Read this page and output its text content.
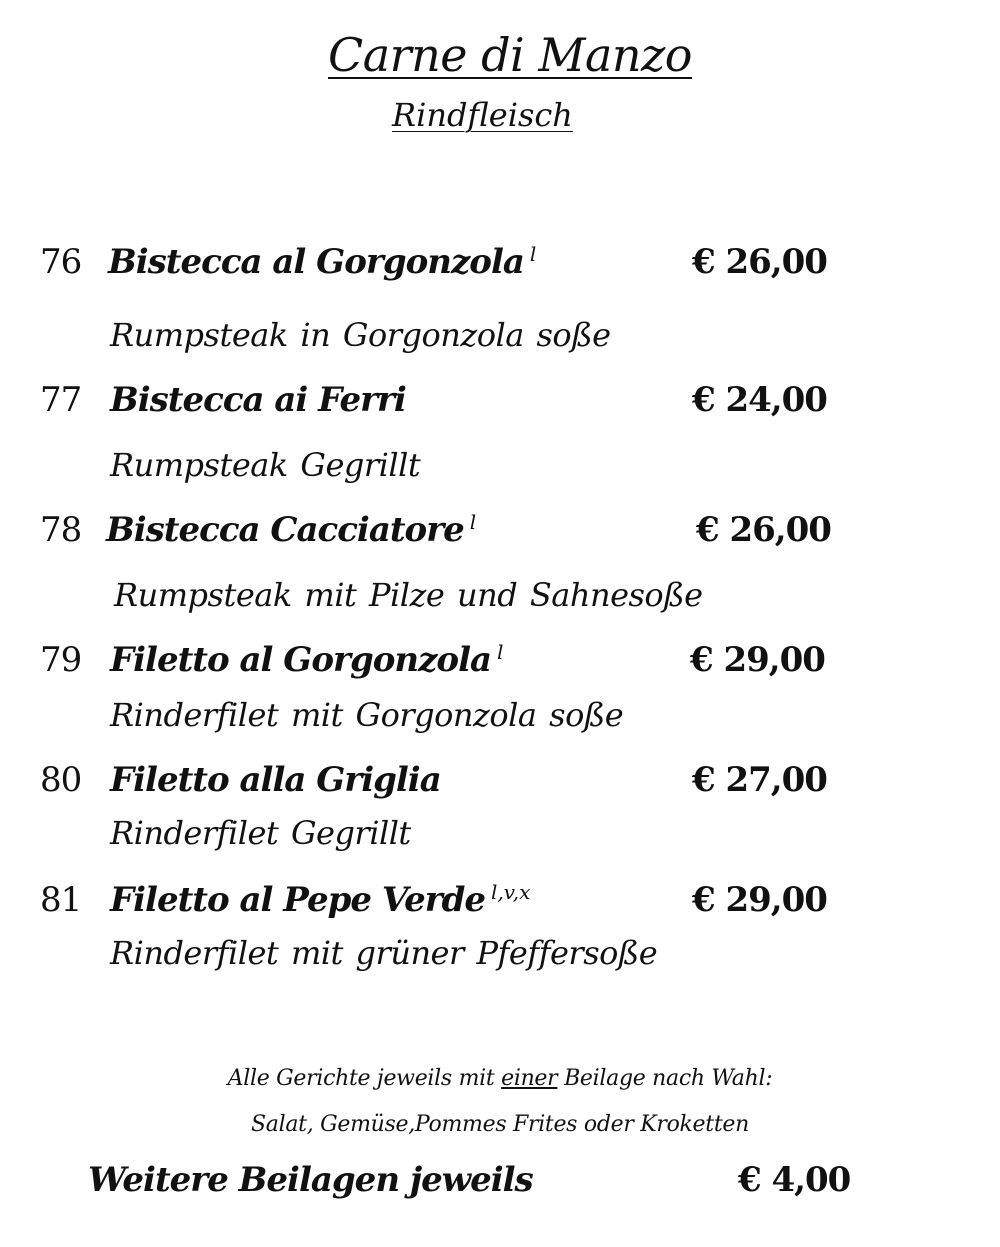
Carne di Manzo
Rindfleisch
76 Bistecca al Gorgonzola $^l$	€ 26,00
Rumpsteak in Gorgonzola soße
77 Bistecca ai Ferri	€ 24,00
Rumpsteak Gegrillt
78 Bistecca Cacciatore $^l$	€ 26,00
Rumpsteak mit Pilze und Sahnesoße
79 Filetto al Gorgonzola $^l$	€ 29,00
Rinderfilet mit Gorgonzola soße
80 Filetto alla Griglia	€ 27,00
Rinderfilet Gegrillt
81 Filetto al Pepe Verde $^{l,v,x}$	€ 29,00
Rinderfilet mit grüner Pfeffersoße
Alle Gerichte jeweils mit einer Beilage nach Wahl:
Salat, Gemüse,Pommes Frites oder Kroketten
Weitere Beilagen jeweils	€ 4,00
